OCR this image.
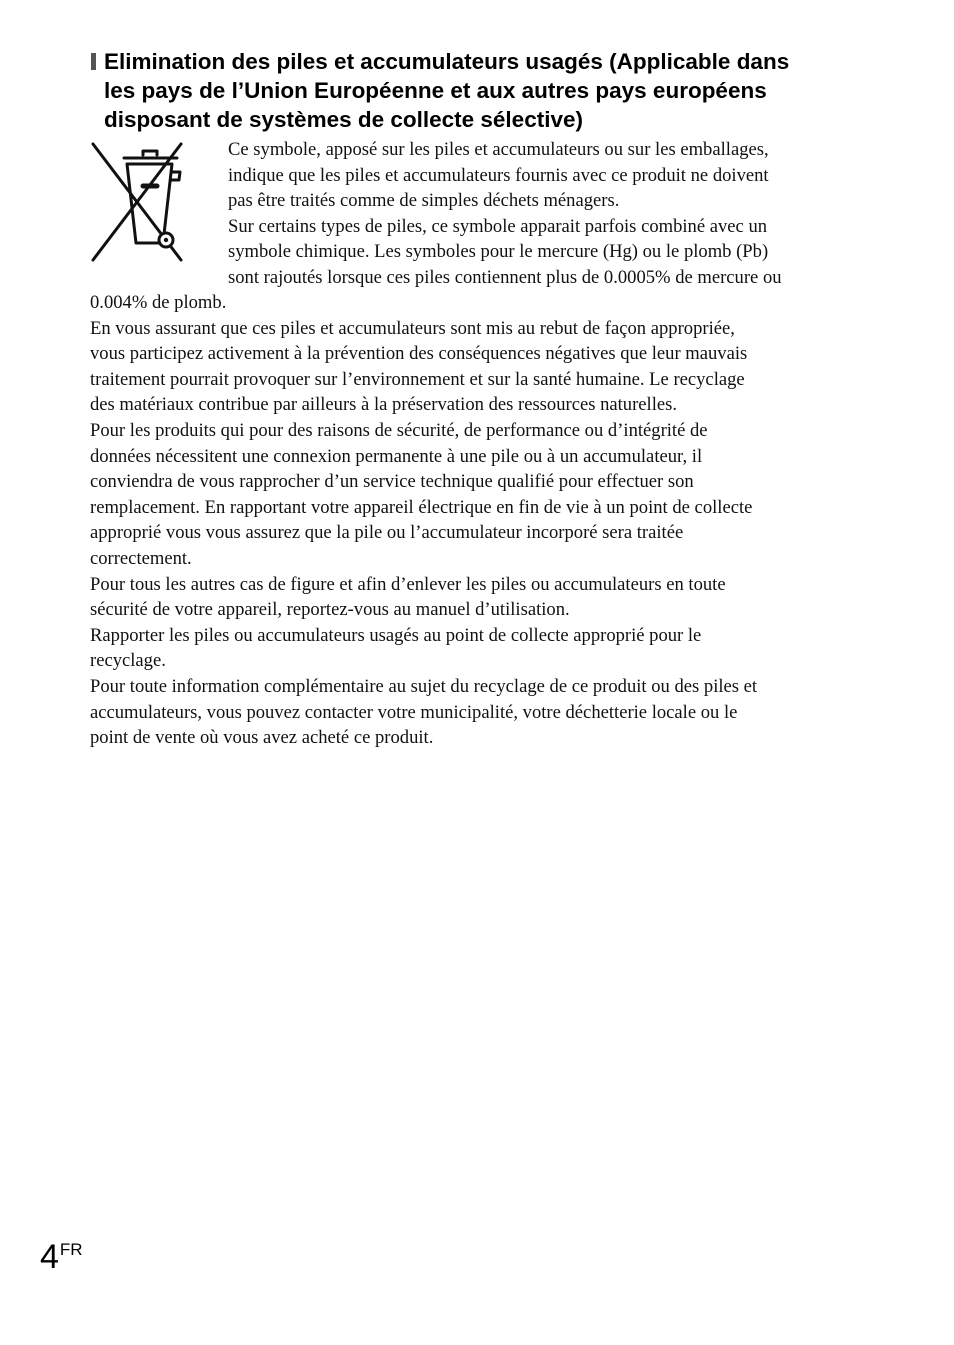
Elimination des piles et accumulateurs usagés (Applicable dans
les pays de l’Union Européenne et aux autres pays européens
disposant de systèmes de collecte sélective)
Ce symbole, apposé sur les piles et accumulateurs ou sur les emballages,
indique que les piles et accumulateurs fournis avec ce produit ne doivent
pas être traités comme de simples déchets ménagers.
Sur certains types de piles, ce symbole apparait parfois combiné avec un
symbole chimique. Les symboles pour le mercure (Hg) ou le plomb (Pb)
sont rajoutés lorsque ces piles contiennent plus de 0.0005% de mercure ou
0.004% de plomb.
En vous assurant que ces piles et accumulateurs sont mis au rebut de façon appropriée,
vous participez activement à la prévention des conséquences négatives que leur mauvais
traitement pourrait provoquer sur l’environnement et sur la santé humaine. Le recyclage
des matériaux contribue par ailleurs à la préservation des ressources naturelles.
Pour les produits qui pour des raisons de sécurité, de performance ou d’intégrité de
données nécessitent une connexion permanente à une pile ou à un accumulateur, il
conviendra de vous rapprocher d’un service technique qualifié pour effectuer son
remplacement. En rapportant votre appareil électrique en fin de vie à un point de collecte
approprié vous vous assurez que la pile ou l’accumulateur incorporé sera traitée
correctement.
Pour tous les autres cas de figure et afin d’enlever les piles ou accumulateurs en toute
sécurité de votre appareil, reportez-vous au manuel d’utilisation.
Rapporter les piles ou accumulateurs usagés au point de collecte approprié pour le
recyclage.
Pour toute information complémentaire au sujet du recyclage de ce produit ou des piles et
accumulateurs, vous pouvez contacter votre municipalité, votre déchetterie locale ou le
point de vente où vous avez acheté ce produit.
4FR
